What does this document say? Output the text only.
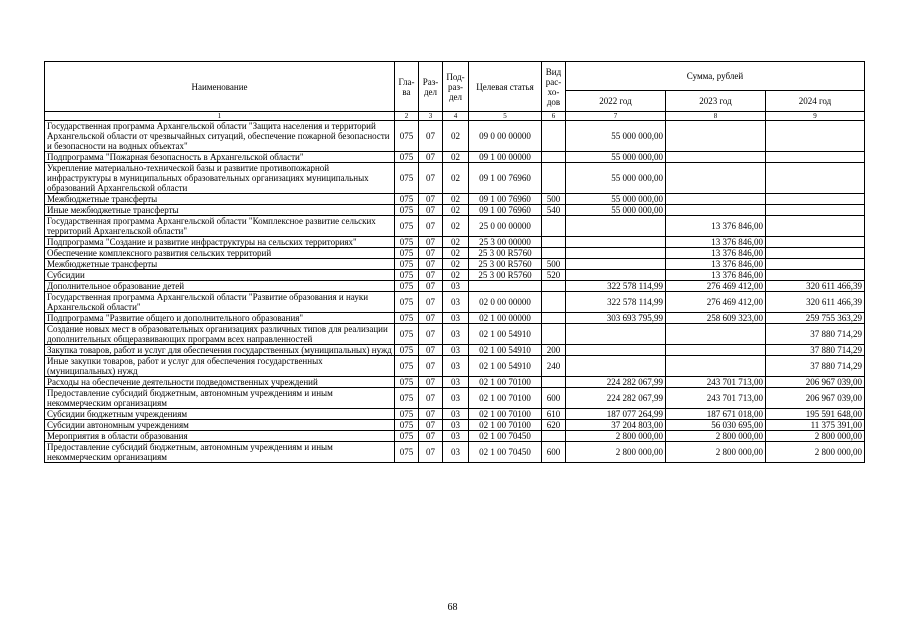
Наименование	Гла-ва	Раз-дел	Под-раз-дел	Целевая статья	Вид рас-хо-дов	Сумма, рублей		
						2022 год	2023 год	2024 год
1	2	3	4	5	6	7	8	9
Государственная программа Архангельской области "Защита населения и территорий Архангельской области от чрезвычайных ситуаций, обеспечение пожарной безопасности и безопасности на водных объектах"	075	07	02	09 0 00 00000		55 000 000,00		
Подпрограмма "Пожарная безопасность в Архангельской области"	075	07	02	09 1 00 00000		55 000 000,00		
Укрепление материально-технической базы и развитие противопожарной инфраструктуры в муниципальных образовательных организациях муниципальных образований Архангельской области	075	07	02	09 1 00 76960		55 000 000,00		
Межбюджетные трансферты	075	07	02	09 1 00 76960	500	55 000 000,00		
Иные межбюджетные трансферты	075	07	02	09 1 00 76960	540	55 000 000,00		
Государственная программа Архангельской области "Комплексное развитие сельских территорий Архангельской области"	075	07	02	25 0 00 00000			13 376 846,00	
Подпрограмма "Создание и развитие инфраструктуры на сельских территориях"	075	07	02	25 3 00 00000			13 376 846,00	
Обеспечение комплексного развития сельских территорий	075	07	02	25 3 00 R5760			13 376 846,00	
Межбюджетные трансферты	075	07	02	25 3 00 R5760	500		13 376 846,00	
Субсидии	075	07	02	25 3 00 R5760	520		13 376 846,00	
Дополнительное образование детей	075	07	03			322 578 114,99	276 469 412,00	320 611 466,39
Государственная программа Архангельской области "Развитие образования и науки Архангельской области"	075	07	03	02 0 00 00000		322 578 114,99	276 469 412,00	320 611 466,39
Подпрограмма "Развитие общего и дополнительного образования"	075	07	03	02 1 00 00000		303 693 795,99	258 609 323,00	259 755 363,29
Создание новых мест в образовательных организациях различных типов для реализации дополнительных общеразвивающих программ всех направленностей	075	07	03	02 1 00 54910				37 880 714,29
Закупка товаров, работ и услуг для обеспечения государственных (муниципальных) нужд	075	07	03	02 1 00 54910	200			37 880 714,29
Иные закупки товаров, работ и услуг для обеспечения государственных (муниципальных) нужд	075	07	03	02 1 00 54910	240			37 880 714,29
Расходы на обеспечение деятельности подведомственных учреждений	075	07	03	02 1 00 70100		224 282 067,99	243 701 713,00	206 967 039,00
Предоставление субсидий бюджетным, автономным учреждениям и иным некоммерческим организациям	075	07	03	02 1 00 70100	600	224 282 067,99	243 701 713,00	206 967 039,00
Субсидии бюджетным учреждениям	075	07	03	02 1 00 70100	610	187 077 264,99	187 671 018,00	195 591 648,00
Субсидии автономным учреждениям	075	07	03	02 1 00 70100	620	37 204 803,00	56 030 695,00	11 375 391,00
Мероприятия в области образования	075	07	03	02 1 00 70450		2 800 000,00	2 800 000,00	2 800 000,00
Предоставление субсидий бюджетным, автономным учреждениям и иным некоммерческим организациям	075	07	03	02 1 00 70450	600	2 800 000,00	2 800 000,00	2 800 000,00
68
